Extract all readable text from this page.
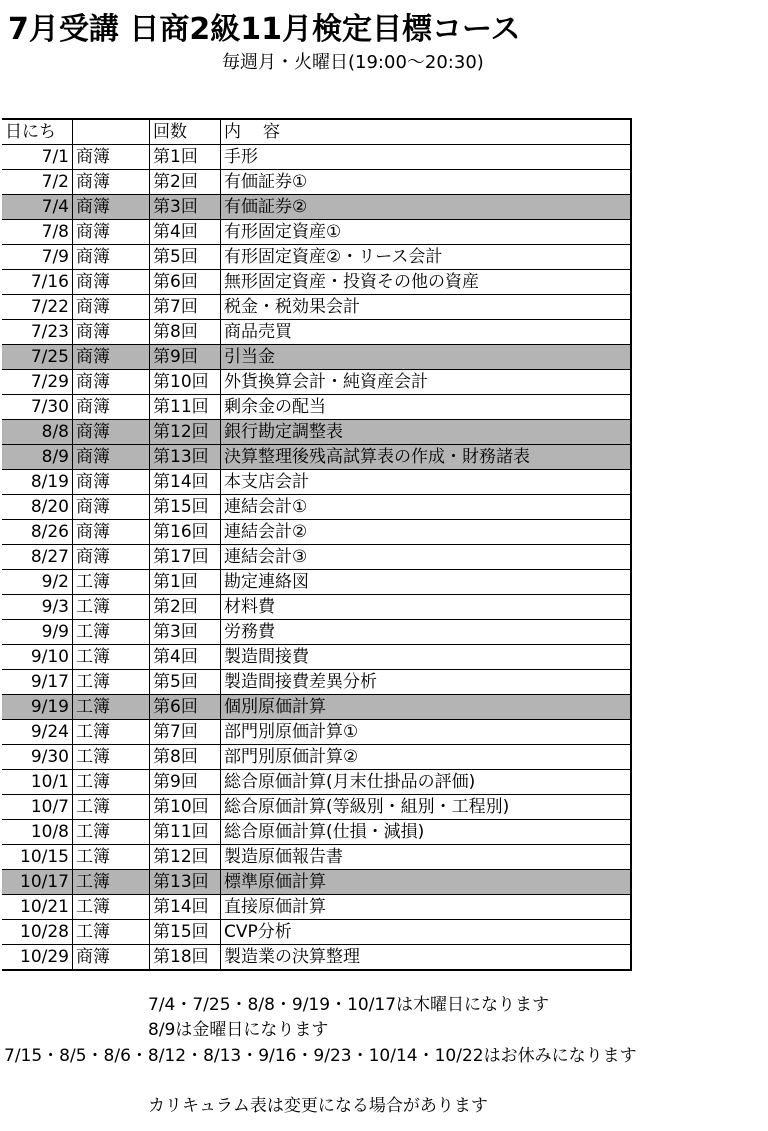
7月受講 日商2級11月検定目標コース
毎週月・火曜日(19:00〜20:30)
日にち		回数	内容
7/1	商簿	第1回	手形
7/2	商簿	第2回	有価証券①
7/4	商簿	第3回	有価証券②
7/8	商簿	第4回	有形固定資産①
7/9	商簿	第5回	有形固定資産②・リース会計
7/16	商簿	第6回	無形固定資産・投資その他の資産
7/22	商簿	第7回	税金・税効果会計
7/23	商簿	第8回	商品売買
7/25	商簿	第9回	引当金
7/29	商簿	第10回	外貨換算会計・純資産会計
7/30	商簿	第11回	剰余金の配当
8/8	商簿	第12回	銀行勘定調整表
8/9	商簿	第13回	決算整理後残高試算表の作成・財務諸表
8/19	商簿	第14回	本支店会計
8/20	商簿	第15回	連結会計①
8/26	商簿	第16回	連結会計②
8/27	商簿	第17回	連結会計③
9/2	工簿	第1回	勘定連絡図
9/3	工簿	第2回	材料費
9/9	工簿	第3回	労務費
9/10	工簿	第4回	製造間接費
9/17	工簿	第5回	製造間接費差異分析
9/19	工簿	第6回	個別原価計算
9/24	工簿	第7回	部門別原価計算①
9/30	工簿	第8回	部門別原価計算②
10/1	工簿	第9回	総合原価計算(月末仕掛品の評価)
10/7	工簿	第10回	総合原価計算(等級別・組別・工程別)
10/8	工簿	第11回	総合原価計算(仕損・減損)
10/15	工簿	第12回	製造原価報告書
10/17	工簿	第13回	標準原価計算
10/21	工簿	第14回	直接原価計算
10/28	工簿	第15回	CVP分析
10/29	商簿	第18回	製造業の決算整理
7/4・7/25・8/8・9/19・10/17は木曜日になります
8/9は金曜日になります
7/15・8/5・8/6・8/12・8/13・9/16・9/23・10/14・10/22はお休みになります
カリキュラム表は変更になる場合があります
